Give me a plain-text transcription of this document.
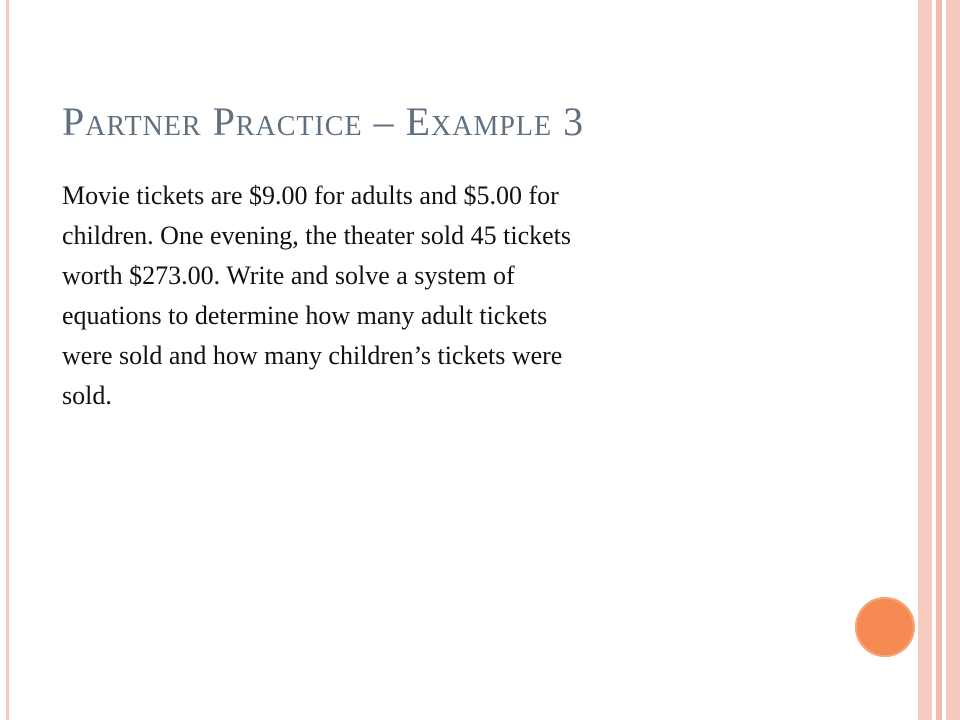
Partner Practice – Example 3
Movie tickets are $9.00 for adults and $5.00 for
children. One evening, the theater sold 45 tickets
worth $273.00. Write and solve a system of
equations to determine how many adult tickets
were sold and how many children’s tickets were
sold.
